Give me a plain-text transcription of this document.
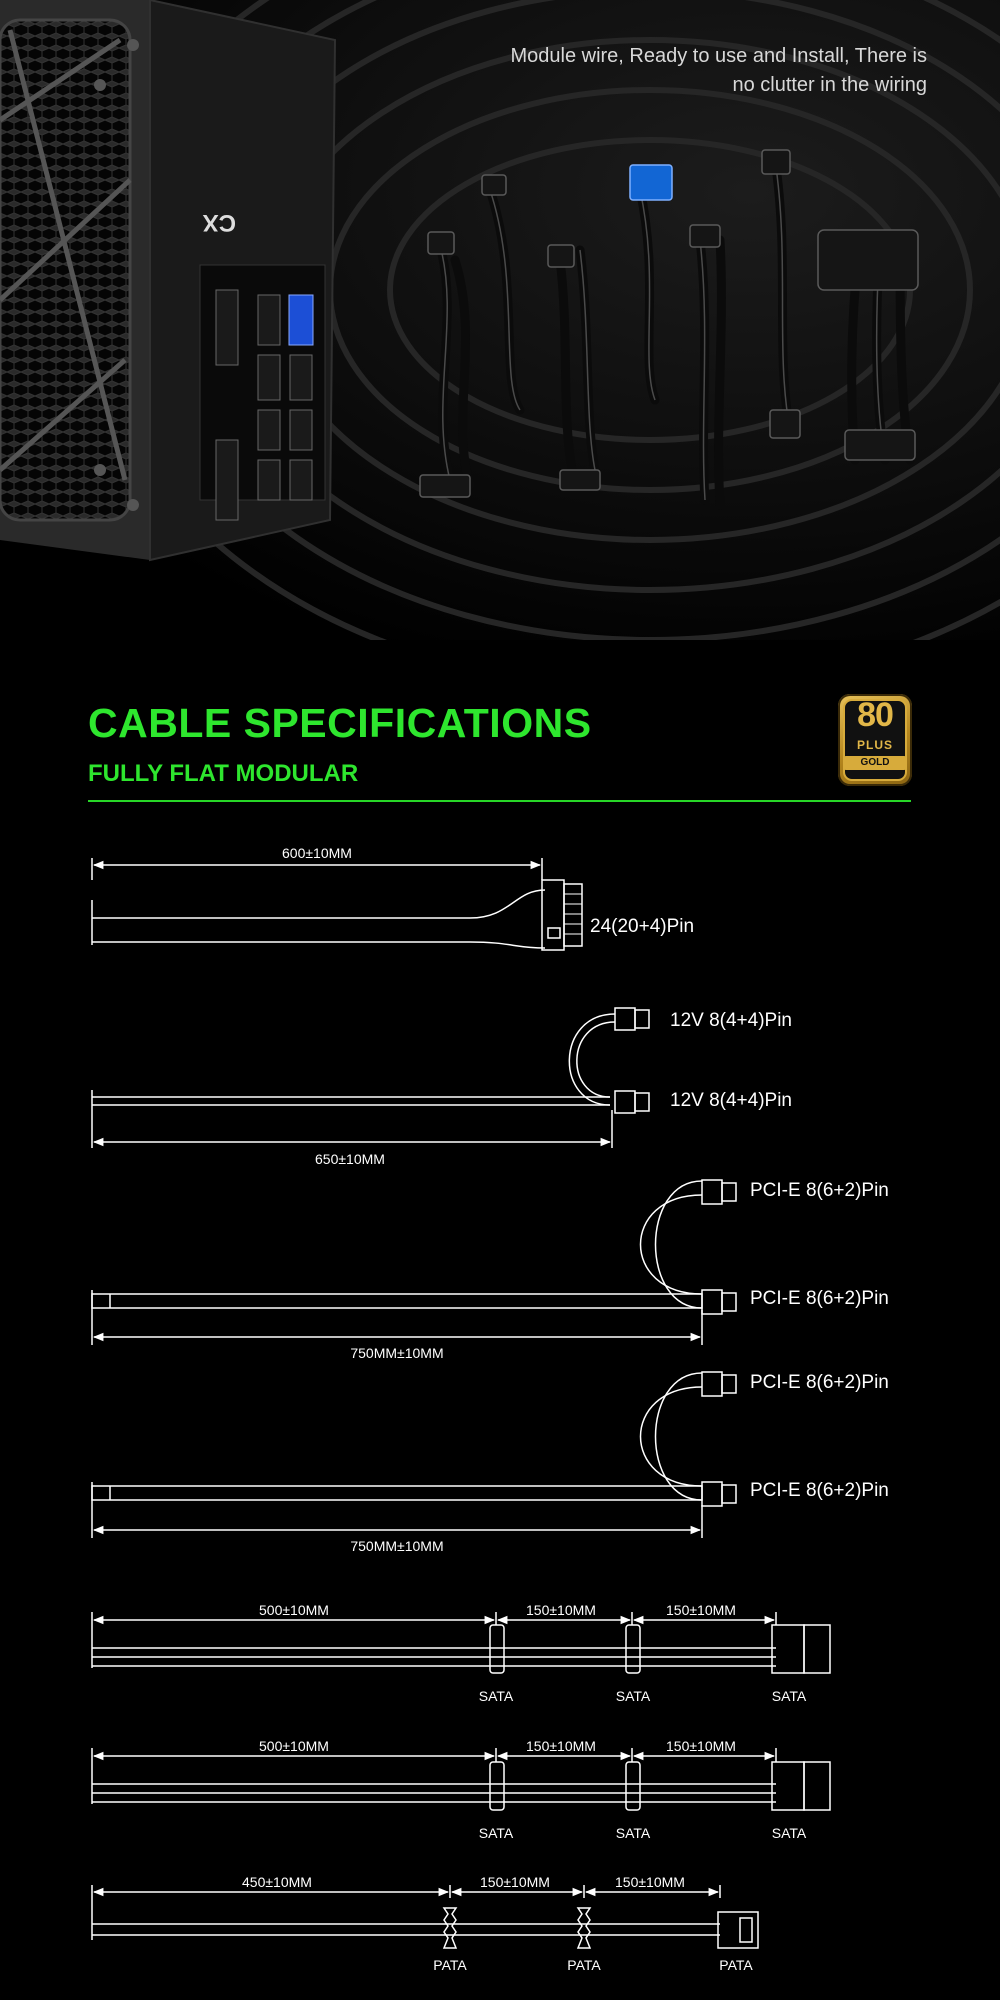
CX
Module wire, Ready to use and Install, There is
no clutter in the wiring
CABLE SPECIFICATIONS
FULLY FLAT MODULAR
80
PLUS
GOLD
600±10MM
24(20+4)Pin
12V 8(4+4)Pin
12V 8(4+4)Pin
650±10MM
PCI-E 8(6+2)Pin
PCI-E 8(6+2)Pin
750MM±10MM
PCI-E 8(6+2)Pin
PCI-E 8(6+2)Pin
750MM±10MM
500±10MM	150±10MM	150±10MM
SATA	SATA	SATA
500±10MM	150±10MM	150±10MM
SATA	SATA	SATA
450±10MM	150±10MM	150±10MM
PATA	PATA	PATA
